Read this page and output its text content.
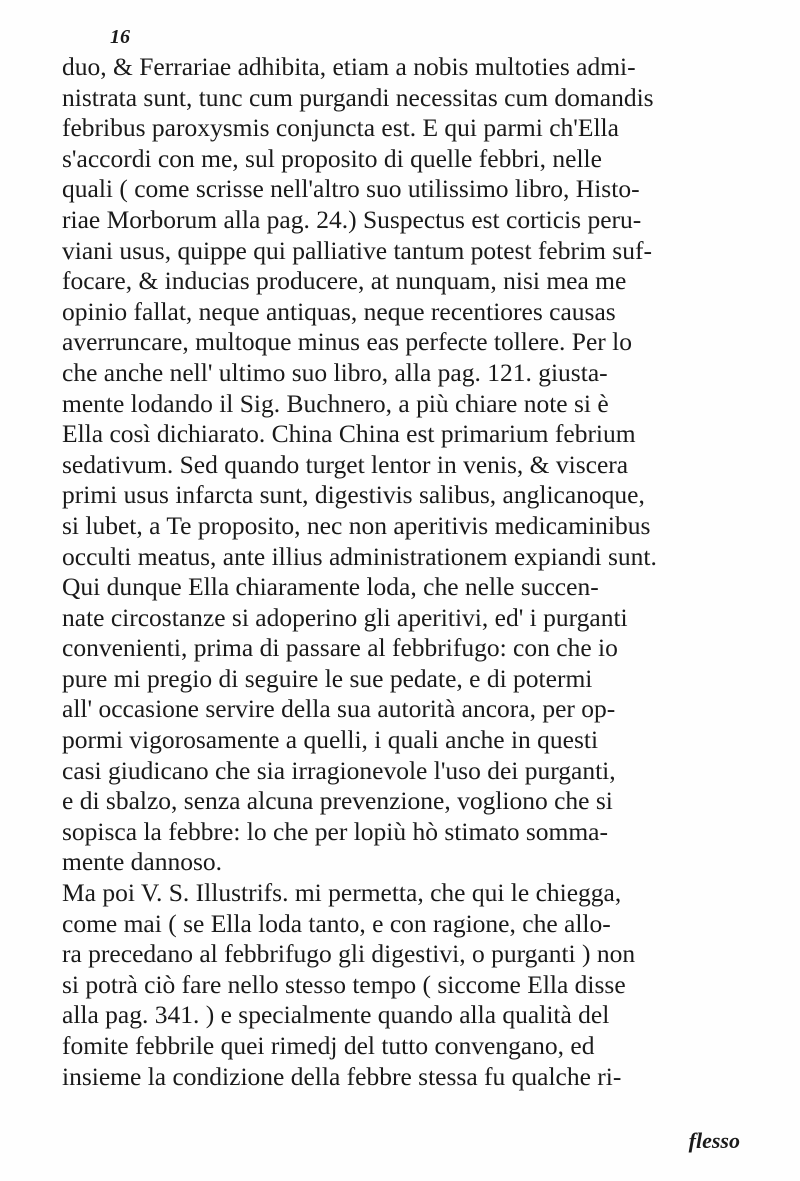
16
duo, & Ferrariae adhibita, etiam a nobis multoties admi-
nistrata sunt, tunc cum purgandi necessitas cum domandis
febribus paroxysmis conjuncta est. E qui parmi ch'Ella
s'accordi con me, sul proposito di quelle febbri, nelle
quali ( come scrisse nell'altro suo utilissimo libro, Histo-
riae Morborum alla pag. 24.) Suspectus est corticis peru-
viani usus, quippe qui palliative tantum potest febrim suf-
focare, & inducias producere, at nunquam, nisi mea me
opinio fallat, neque antiquas, neque recentiores causas
averruncare, multoque minus eas perfecte tollere. Per lo
che anche nell' ultimo suo libro, alla pag. 121. giusta-
mente lodando il Sig. Buchnero, a più chiare note si è
Ella così dichiarato. China China est primarium febrium
sedativum. Sed quando turget lentor in venis, & viscera
primi usus infarcta sunt, digestivis salibus, anglicanoque,
si lubet, a Te proposito, nec non aperitivis medicaminibus
occulti meatus, ante illius administrationem expiandi sunt.
Qui dunque Ella chiaramente loda, che nelle succen-
nate circostanze si adoperino gli aperitivi, ed' i purganti
convenienti, prima di passare al febbrifugo: con che io
pure mi pregio di seguire le sue pedate, e di potermi
all' occasione servire della sua autorità ancora, per op-
pormi vigorosamente a quelli, i quali anche in questi
casi giudicano che sia irragionevole l'uso dei purganti,
e di sbalzo, senza alcuna prevenzione, vogliono che si
sopisca la febbre: lo che per lopiù hò stimato somma-
mente dannoso.
Ma poi V. S. Illustrifs. mi permetta, che qui le chiegga,
come mai ( se Ella loda tanto, e con ragione, che allo-
ra precedano al febbrifugo gli digestivi, o purganti ) non
si potrà ciò fare nello stesso tempo ( siccome Ella disse
alla pag. 341. ) e specialmente quando alla qualità del
fomite febbrile quei rimedj del tutto convengano, ed
insieme la condizione della febbre stessa fu qualche ri-
flesso
